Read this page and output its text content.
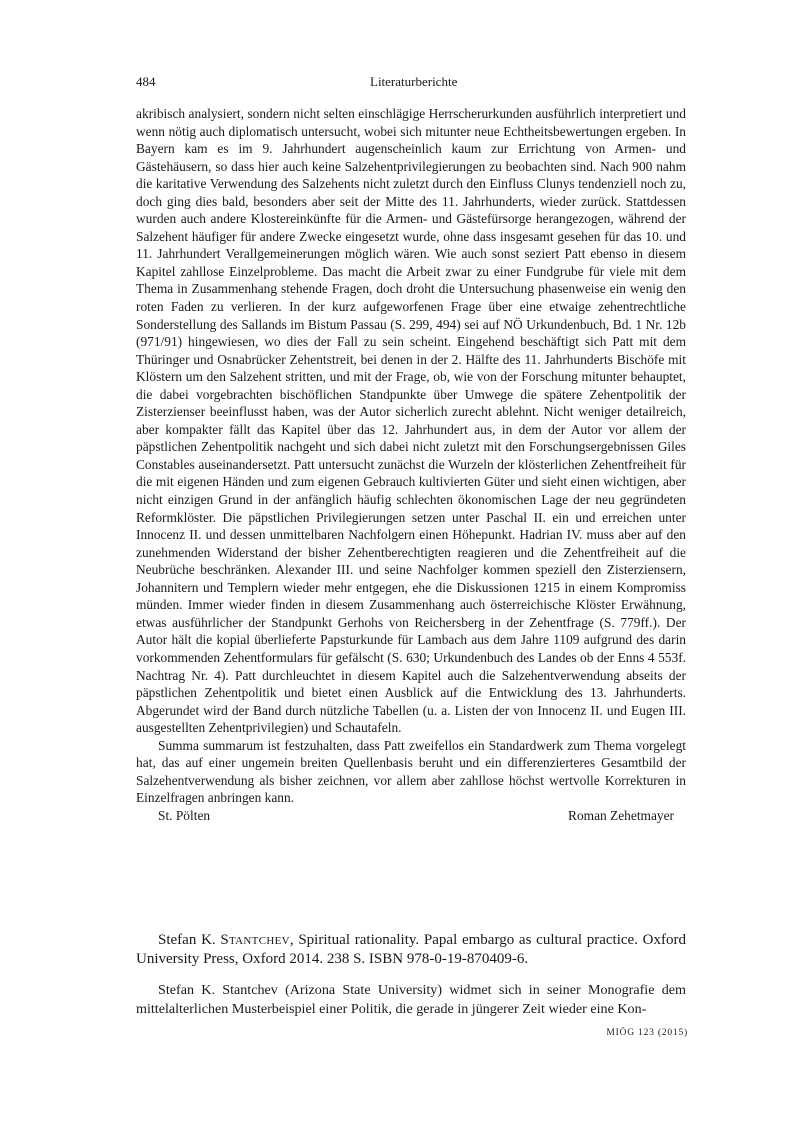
484	Literaturberichte

akribisch analysiert, sondern nicht selten einschlägige Herrscherurkunden ausführlich interpretiert und wenn nötig auch diplomatisch untersucht, wobei sich mitunter neue Echtheitsbewertungen ergeben. In Bayern kam es im 9. Jahrhundert augenscheinlich kaum zur Errichtung von Armen- und Gästehäusern, so dass hier auch keine Salzehentprivilegierungen zu beobachten sind. Nach 900 nahm die karitative Verwendung des Salzehents nicht zuletzt durch den Einfluss Clunys tendenziell noch zu, doch ging dies bald, besonders aber seit der Mitte des 11. Jahrhunderts, wieder zurück. Stattdessen wurden auch andere Klostereinkünfte für die Armen- und Gästefürsorge herangezogen, während der Salzehent häufiger für andere Zwecke eingesetzt wurde, ohne dass insgesamt gesehen für das 10. und 11. Jahrhundert Verallgemeinerungen möglich wären. Wie auch sonst seziert Patt ebenso in diesem Kapitel zahllose Einzelprobleme. Das macht die Arbeit zwar zu einer Fundgrube für viele mit dem Thema in Zusammenhang stehende Fragen, doch droht die Untersuchung phasenweise ein wenig den roten Faden zu verlieren. In der kurz aufgeworfenen Frage über eine etwaige zehentrechtliche Sonderstellung des Sallands im Bistum Passau (S. 299, 494) sei auf NÖ Urkundenbuch, Bd. 1 Nr. 12b (971/91) hingewiesen, wo dies der Fall zu sein scheint. Eingehend beschäftigt sich Patt mit dem Thüringer und Osnabrücker Zehentstreit, bei denen in der 2. Hälfte des 11. Jahrhunderts Bischöfe mit Klöstern um den Salzehent stritten, und mit der Frage, ob, wie von der Forschung mitunter behauptet, die dabei vorgebrachten bischöflichen Standpunkte über Umwege die spätere Zehentpolitik der Zisterzienser beeinflusst haben, was der Autor sicherlich zurecht ablehnt. Nicht weniger detailreich, aber kompakter fällt das Kapitel über das 12. Jahrhundert aus, in dem der Autor vor allem der päpstlichen Zehentpolitik nachgeht und sich dabei nicht zuletzt mit den Forschungsergebnissen Giles Constables auseinandersetzt. Patt untersucht zunächst die Wurzeln der klösterlichen Zehentfreiheit für die mit eigenen Händen und zum eigenen Gebrauch kultivierten Güter und sieht einen wichtigen, aber nicht einzigen Grund in der anfänglich häufig schlechten ökonomischen Lage der neu gegründeten Reformklöster. Die päpstlichen Privilegierungen setzen unter Paschal II. ein und erreichen unter Innocenz II. und dessen unmittelbaren Nachfolgern einen Höhepunkt. Hadrian IV. muss aber auf den zunehmenden Widerstand der bisher Zehentberechtigten reagieren und die Zehentfreiheit auf die Neubrüche beschränken. Alexander III. und seine Nachfolger kommen speziell den Zisterziensern, Johannitern und Templern wieder mehr entgegen, ehe die Diskussionen 1215 in einem Kompromiss münden. Immer wieder finden in diesem Zusammenhang auch österreichische Klöster Erwähnung, etwas ausführlicher der Standpunkt Gerhohs von Reichersberg in der Zehentfrage (S. 779ff.). Der Autor hält die kopial überlieferte Papsturkunde für Lambach aus dem Jahre 1109 aufgrund des darin vorkommenden Zehentformulars für gefälscht (S. 630; Urkundenbuch des Landes ob der Enns 4 553f. Nachtrag Nr. 4). Patt durchleuchtet in diesem Kapitel auch die Salzehentverwendung abseits der päpstlichen Zehentpolitik und bietet einen Ausblick auf die Entwicklung des 13. Jahrhunderts. Abgerundet wird der Band durch nützliche Tabellen (u. a. Listen der von Innocenz II. und Eugen III. ausgestellten Zehentprivilegien) und Schautafeln.

Summa summarum ist festzuhalten, dass Patt zweifellos ein Standardwerk zum Thema vorgelegt hat, das auf einer ungemein breiten Quellenbasis beruht und ein differenzierteres Gesamtbild der Salzehentverwendung als bisher zeichnen, vor allem aber zahllose höchst wertvolle Korrekturen in Einzelfragen anbringen kann.

St. Pölten	Roman Zehetmayer

Stefan K. Stantchev, Spiritual rationality. Papal embargo as cultural practice. Oxford University Press, Oxford 2014. 238 S. ISBN 978-0-19-870409-6.

Stefan K. Stantchev (Arizona State University) widmet sich in seiner Monografie dem mittelalterlichen Musterbeispiel einer Politik, die gerade in jüngerer Zeit wieder eine Kon-

MIÖG 123 (2015)
